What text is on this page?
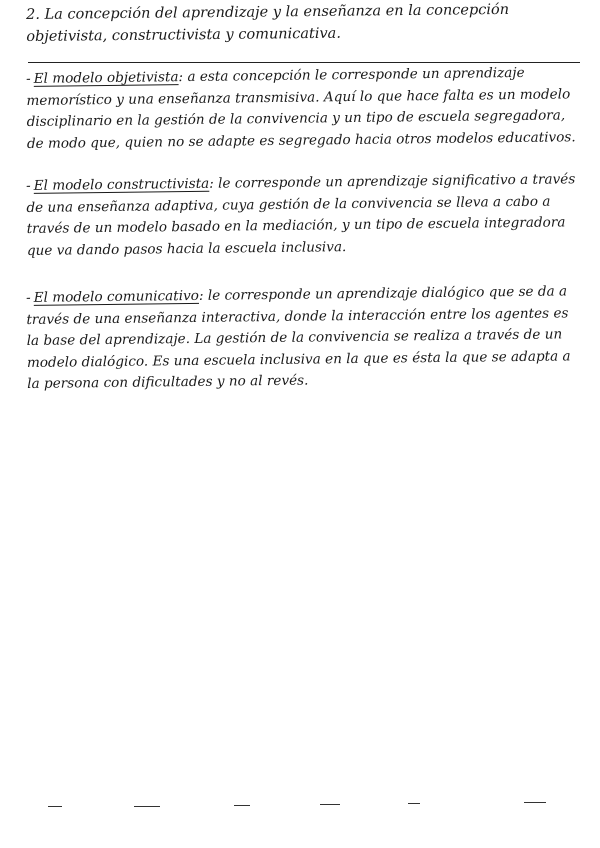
2. La concepción del aprendizaje y la enseñanza en la concepción objetivista, constructivista y comunicativa.
- El modelo objetivista: a esta concepción le corresponde un aprendizaje memorístico y una enseñanza transmisiva. Aquí lo que hace falta es un modelo disciplinario en la gestión de la convivencia y un tipo de escuela segregadora, de modo que, quien no se adapte es segregado hacia otros modelos educativos.
- El modelo constructivista: le corresponde un aprendizaje significativo a través de una enseñanza adaptiva, cuya gestión de la convivencia se lleva a cabo a través de un modelo basado en la mediación, y un tipo de escuela integradora que va dando pasos hacia la escuela inclusiva.
- El modelo comunicativo: le corresponde un aprendizaje dialógico que se da a través de una enseñanza interactiva, donde la interacción entre los agentes es la base del aprendizaje. La gestión de la convivencia se realiza a través de un modelo dialógico. Es una escuela inclusiva en la que es ésta la que se adapta a la persona con dificultades y no al revés.
